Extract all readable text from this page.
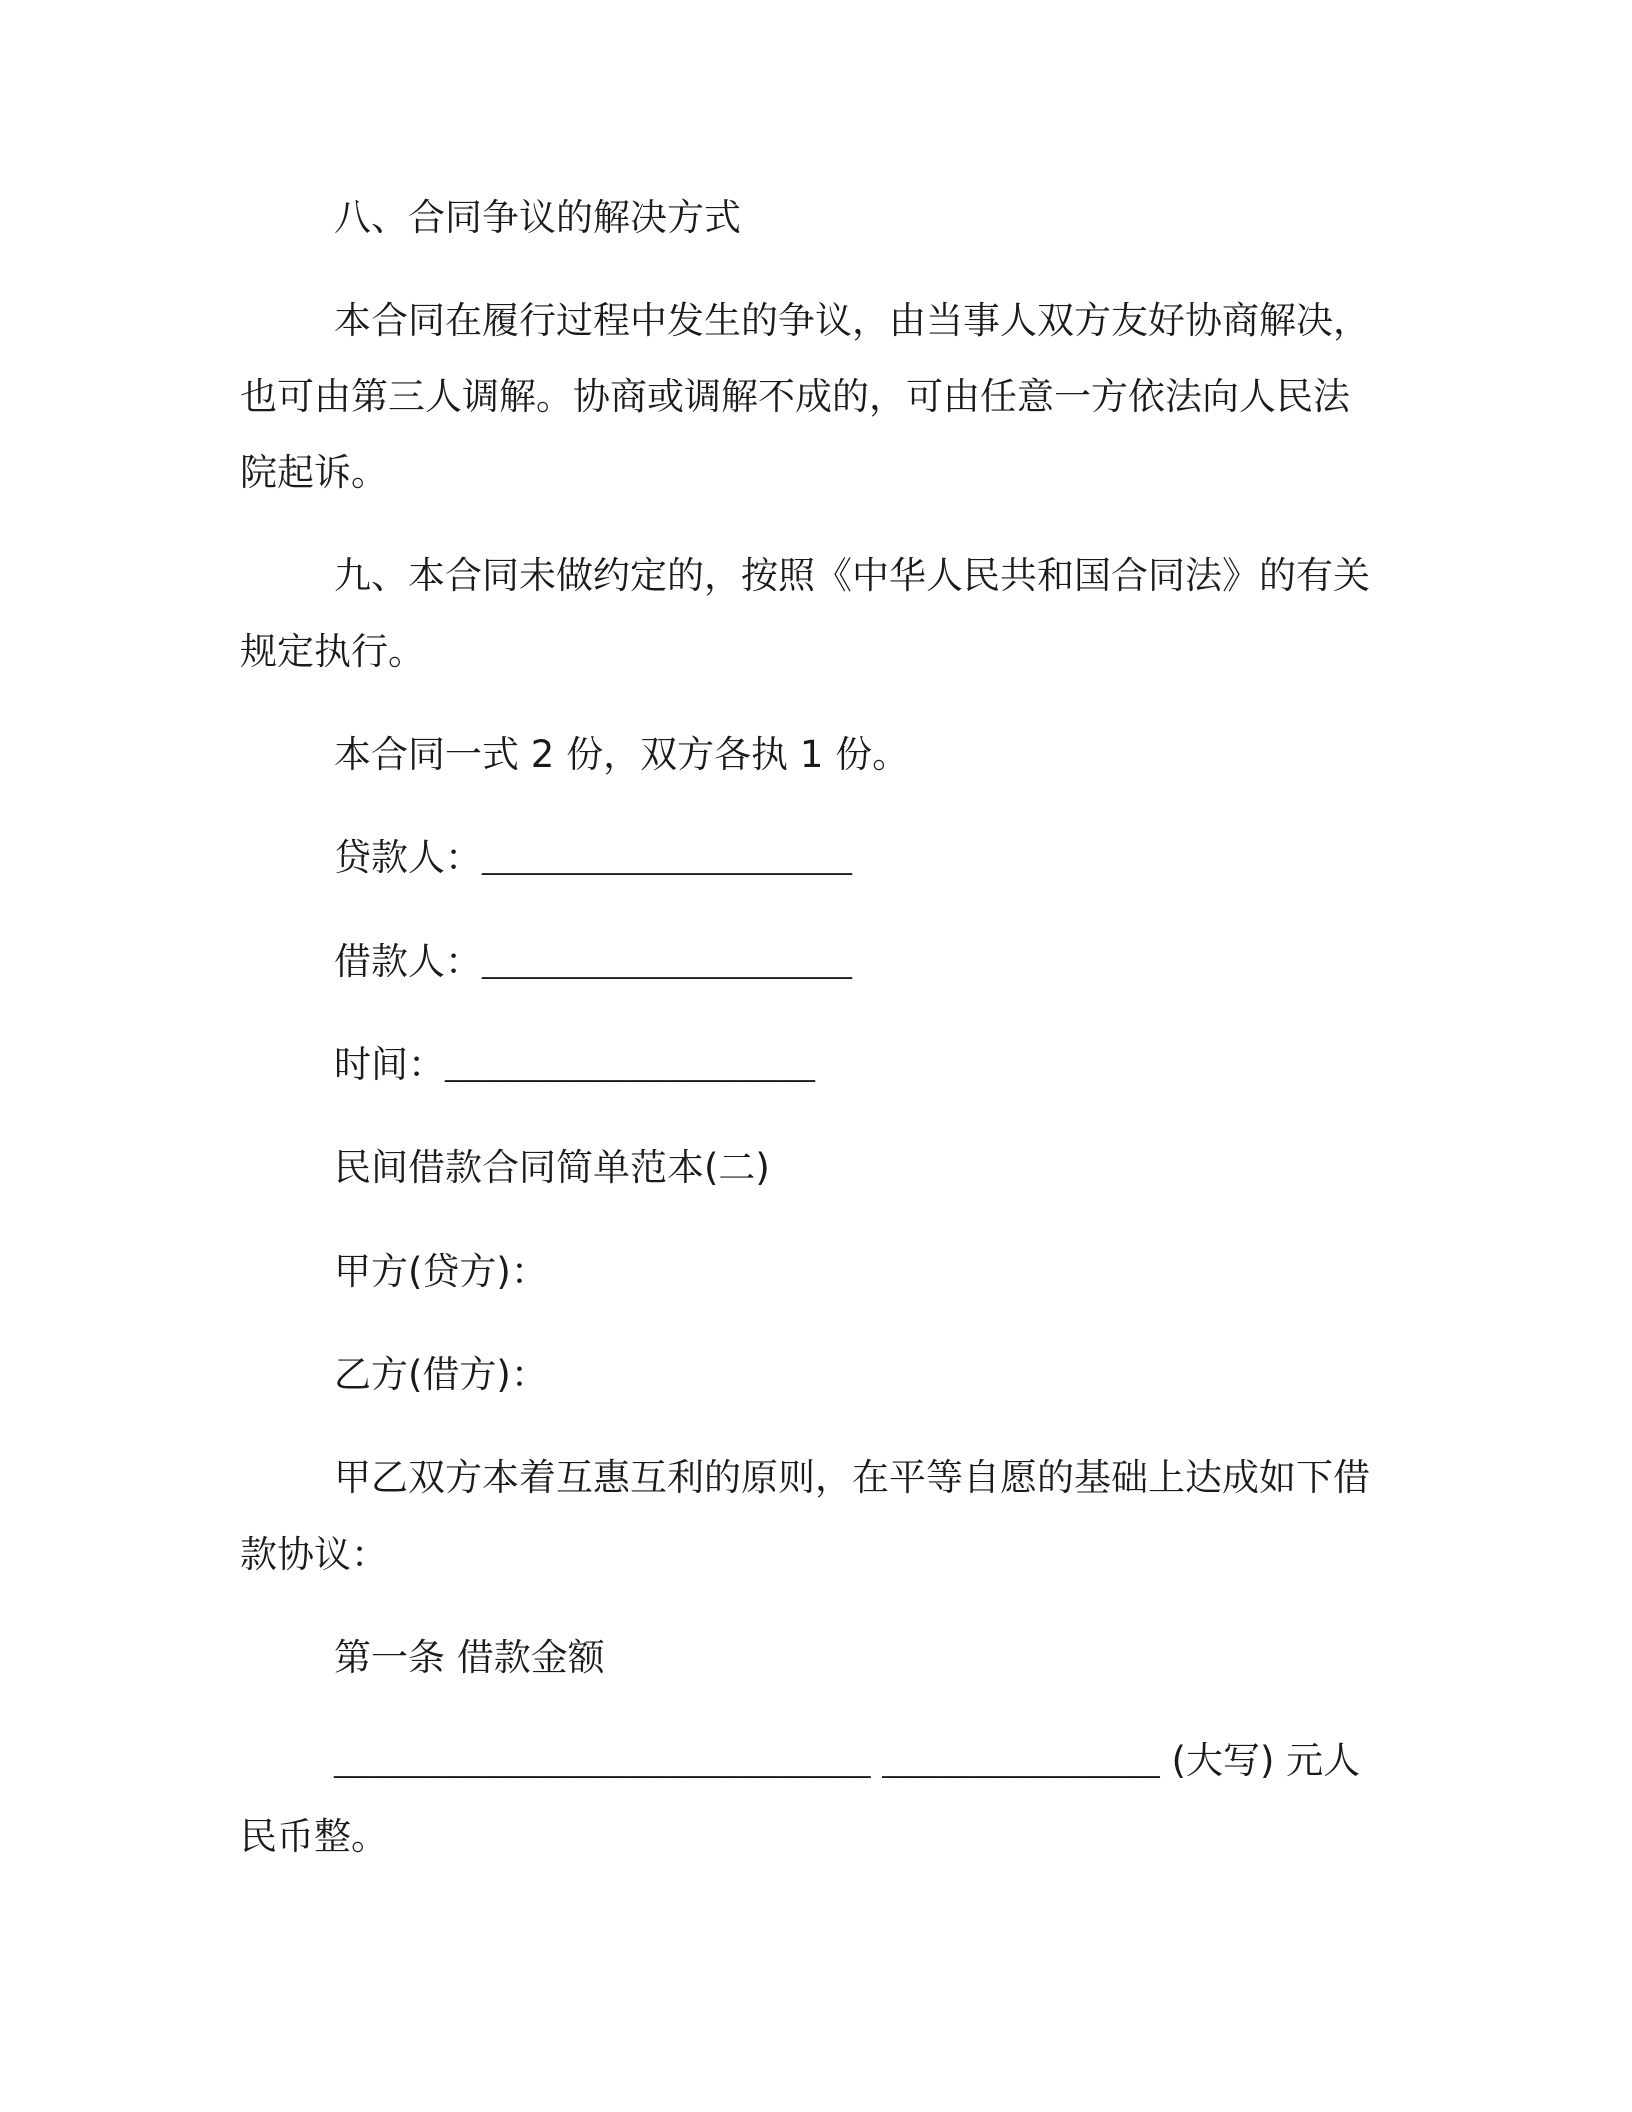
八、合同争议的解决方式
本合同在履行过程中发生的争议，由当事人双方友好协商解决，
也可由第三人调解。协商或调解不成的，可由任意一方依法向人民法
院起诉。
九、本合同未做约定的，按照《中华人民共和国合同法》的有关
规定执行。
本合同一式 2 份，双方各执 1 份。
贷款人：____________________
借款人：____________________
时间：____________________
民间借款合同简单范本(二)
甲方(贷方)：
乙方(借方)：
甲乙双方本着互惠互利的原则，在平等自愿的基础上达成如下借
款协议：
第一条 借款金额
_____________________________ _______________ (大写) 元人
民币整。
